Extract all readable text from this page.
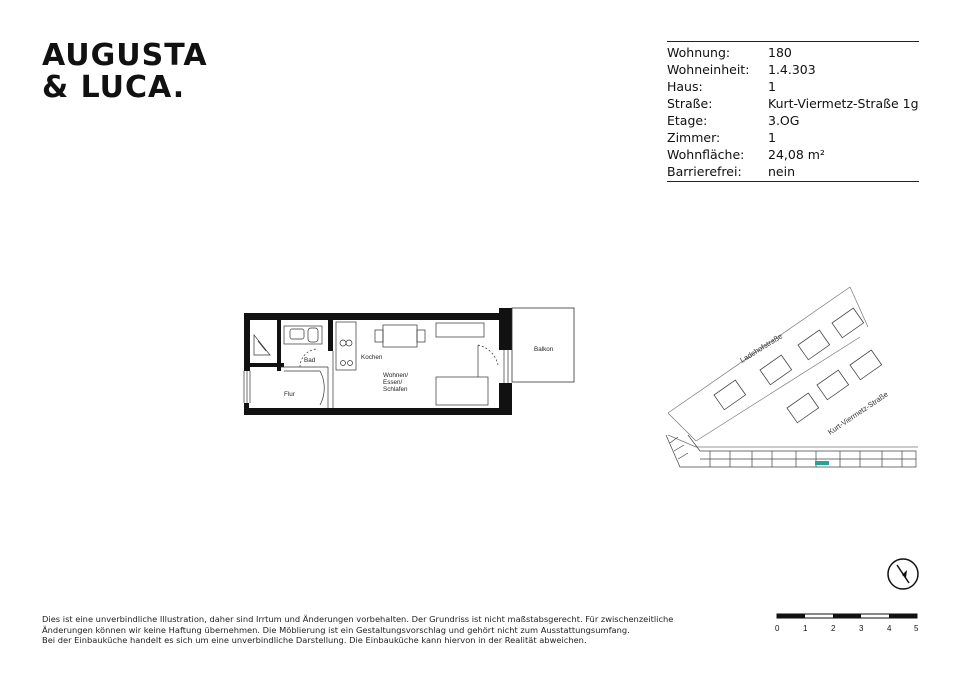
AUGUSTA
& LUCA.
Wohnung:	180
Wohneinheit:	1.4.303
Haus:	1
Straße:	Kurt-Viermetz-Straße 1g
Etage:	3.OG
Zimmer:	1
Wohnfläche:	24,08 m²
Barrierefrei:	nein
Bad	Kochen
Flur
Wohnen/
Essen/
Schlafen
Balkon	Ladehofstraße
Kurt-Viermetz-Straße
0	1	2	3	4	5
Dies ist eine unverbindliche Illustration, daher sind Irrtum und Änderungen vorbehalten. Der Grundriss ist nicht maßstabsgerecht. Für zwischenzeitliche
Änderungen können wir keine Haftung übernehmen. Die Möblierung ist ein Gestaltungsvorschlag und gehört nicht zum Ausstattungsumfang.
Bei der Einbauküche handelt es sich um eine unverbindliche Darstellung. Die Einbauküche kann hiervon in der Realität abweichen.
